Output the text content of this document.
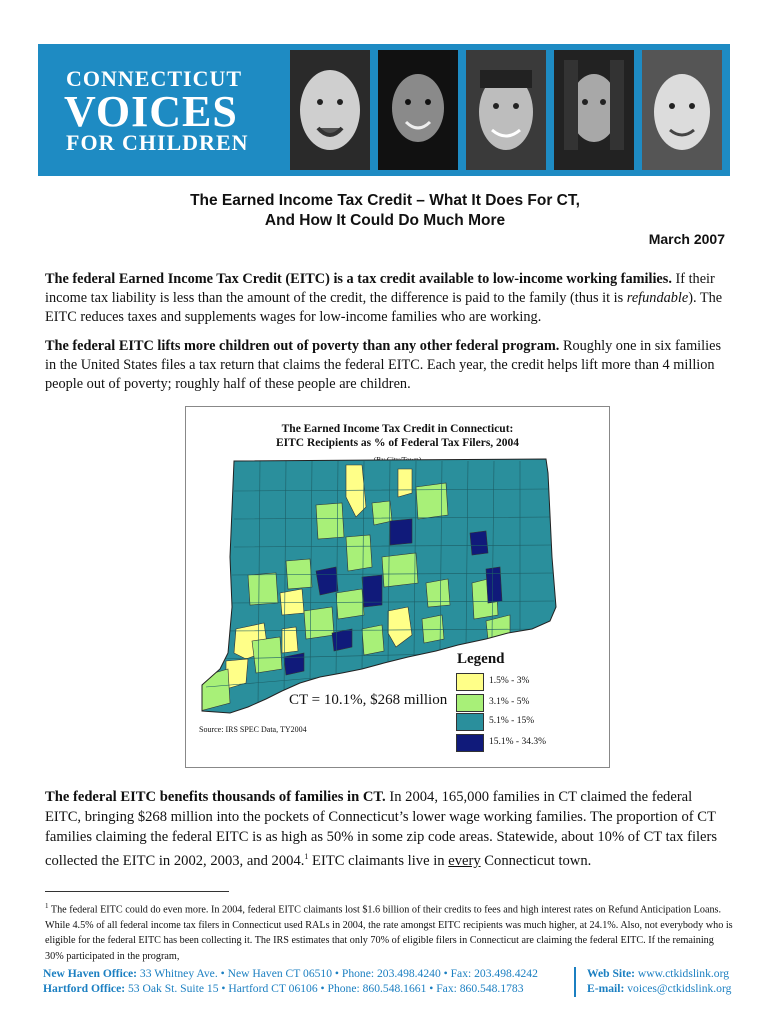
CONNECTICUT
VOICES
FOR CHILDREN
The Earned Income Tax Credit – What It Does For CT,
And How It Could Do Much More
March 2007
The federal Earned Income Tax Credit (EITC) is a tax credit available to low-income working families. If their income tax liability is less than the amount of the credit, the difference is paid to the family (thus it is refundable). The EITC reduces taxes and supplements wages for low-income families who are working.
The federal EITC lifts more children out of poverty than any other federal program. Roughly one in six families in the United States files a tax return that claims the federal EITC. Each year, the credit helps lift more than 4 million people out of poverty; roughly half of these people are children.
The Earned Income Tax Credit in Connecticut:
EITC Recipients as % of Federal Tax Filers, 2004
(By City/Town)
Legend
1.5% - 3%
3.1% - 5%
5.1% - 15%
15.1% - 34.3%
CT = 10.1%, $268 million
Source: IRS SPEC Data, TY2004
The federal EITC benefits thousands of families in CT. In 2004, 165,000 families in CT claimed the federal EITC, bringing $268 million into the pockets of Connecticut’s lower wage working families. The proportion of CT families claiming the federal EITC is as high as 50% in some zip code areas. Statewide, about 10% of CT tax filers collected the EITC in 2002, 2003, and 2004.$^1$ EITC claimants live in every Connecticut town.
$^1$ The federal EITC could do even more. In 2004, federal EITC claimants lost $1.6 billion of their credits to fees and high interest rates on Refund Anticipation Loans. While 4.5% of all federal income tax filers in Connecticut used RALs in 2004, the rate amongst EITC recipients was much higher, at 24.1%. Also, not everybody who is eligible for the federal EITC has been collecting it. The IRS estimates that only 70% of eligible filers in Connecticut are claiming the federal EITC. If the remaining 30% participated in the program,
New Haven Office: 33 Whitney Ave. • New Haven CT 06510 • Phone: 203.498.4240 • Fax: 203.498.4242
Hartford Office: 53 Oak St. Suite 15 • Hartford CT 06106 • Phone: 860.548.1661 • Fax: 860.548.1783
Web Site: www.ctkidslink.org
E-mail: voices@ctkidslink.org
